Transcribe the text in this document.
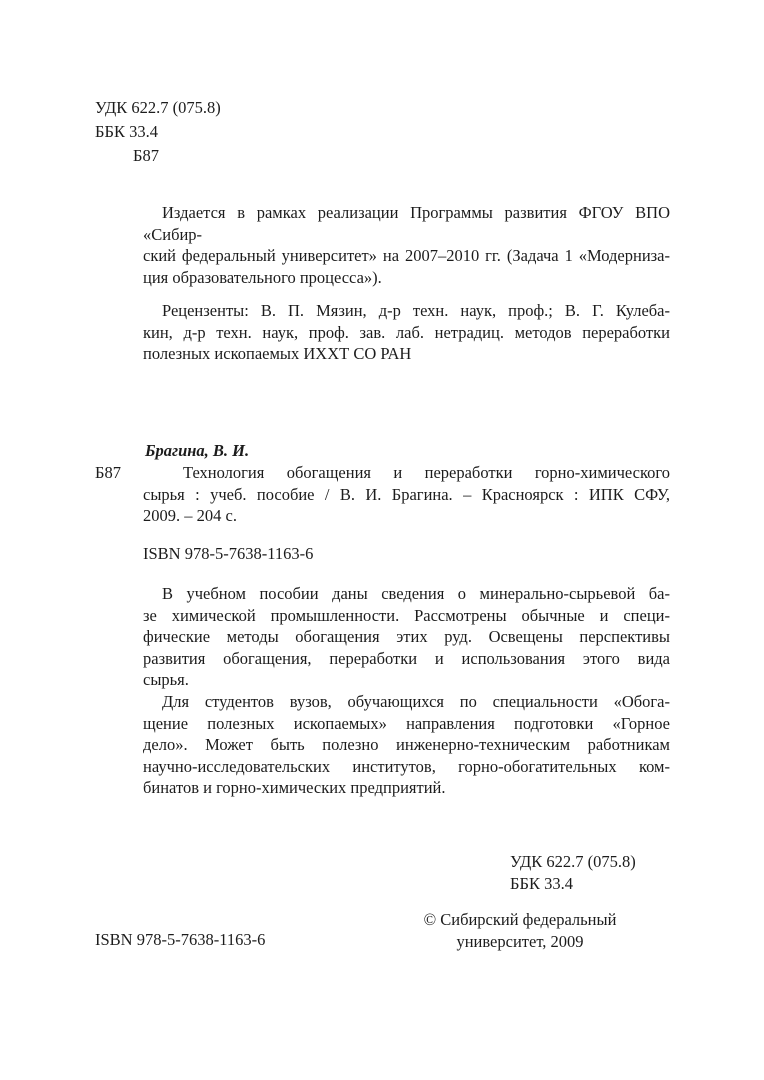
УДК 622.7 (075.8)
ББК 33.4
Б87
Издается в рамках реализации Программы развития ФГОУ ВПО «Сибир-
ский федеральный университет» на 2007–2010 гг. (Задача 1 «Модерниза-
ция образовательного процесса»).
Рецензенты: В. П. Мязин, д-р техн. наук, проф.; В. Г. Кулеба-
кин, д-р техн. наук, проф. зав. лаб. нетрадиц. методов переработки
полезных ископаемых ИХХТ СО РАН
Брагина, В. И.
Б87	Технология обогащения и переработки горно-химического
сырья : учеб. пособие / В. И. Брагина. – Красноярск : ИПК СФУ,
2009. – 204 с.
ISBN 978-5-7638-1163-6
В учебном пособии даны сведения о минерально-сырьевой ба-
зе химической промышленности. Рассмотрены обычные и специ-
фические методы обогащения этих руд. Освещены перспективы
развития обогащения, переработки и использования этого вида
сырья.
Для студентов вузов, обучающихся по специальности «Обога-
щение полезных ископаемых» направления подготовки «Горное
дело». Может быть полезно инженерно-техническим работникам
научно-исследовательских институтов, горно-обогатительных ком-
бинатов и горно-химических предприятий.
УДК 622.7 (075.8)
ББК 33.4
© Сибирский федеральный
университет, 2009
ISBN 978-5-7638-1163-6
